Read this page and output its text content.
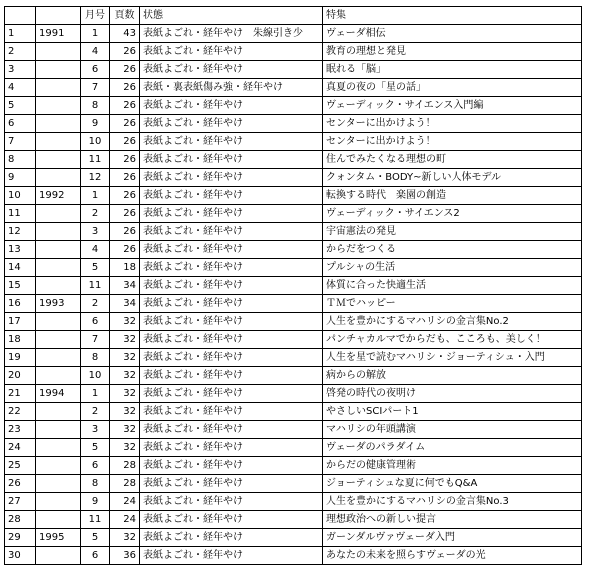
		月号	頁数	状態	特集
1	1991	1	43	表紙よごれ・経年やけ　朱線引き少	ヴェーダ相伝
2		4	26	表紙よごれ・経年やけ	教育の理想と発見
3		6	26	表紙よごれ・経年やけ	眠れる「脳」
4		7	26	表紙・裏表紙傷み強・経年やけ	真夏の夜の「星の話」
5		8	26	表紙よごれ・経年やけ	ヴェーディック・サイエンス入門編
6		9	26	表紙よごれ・経年やけ	センターに出かけよう！
7		10	26	表紙よごれ・経年やけ	センターに出かけよう！
8		11	26	表紙よごれ・経年やけ	住んでみたくなる理想の町
9		12	26	表紙よごれ・経年やけ	クォンタム・BODY~新しい人体モデル
10	1992	1	26	表紙よごれ・経年やけ	転換する時代　楽園の創造
11		2	26	表紙よごれ・経年やけ	ヴェーディック・サイエンス2
12		3	26	表紙よごれ・経年やけ	宇宙憲法の発見
13		4	26	表紙よごれ・経年やけ	からだをつくる
14		5	18	表紙よごれ・経年やけ	プルシャの生活
15		11	34	表紙よごれ・経年やけ	体質に合った快適生活
16	1993	2	34	表紙よごれ・経年やけ	ＴＭでハッピー
17		6	32	表紙よごれ・経年やけ	人生を豊かにするマハリシの金言集No.2
18		7	32	表紙よごれ・経年やけ	パンチャカルマでからだも、こころも、美しく！
19		8	32	表紙よごれ・経年やけ	人生を星で読むマハリシ・ジョーティシュ・入門
20		10	32	表紙よごれ・経年やけ	病からの解放
21	1994	1	32	表紙よごれ・経年やけ	啓発の時代の夜明け
22		2	32	表紙よごれ・経年やけ	やさしいSCIパート1
23		3	32	表紙よごれ・経年やけ	マハリシの年頭講演
24		5	32	表紙よごれ・経年やけ	ヴェーダのパラダイム
25		6	28	表紙よごれ・経年やけ	からだの健康管理術
26		8	28	表紙よごれ・経年やけ	ジョーティシュな夏に何でもQ&A
27		9	24	表紙よごれ・経年やけ	人生を豊かにするマハリシの金言集No.3
28		11	24	表紙よごれ・経年やけ	理想政治への新しい提言
29	1995	5	32	表紙よごれ・経年やけ	ガーンダルヴァヴェーダ入門
30		6	36	表紙よごれ・経年やけ	あなたの未来を照らすヴェーダの光
